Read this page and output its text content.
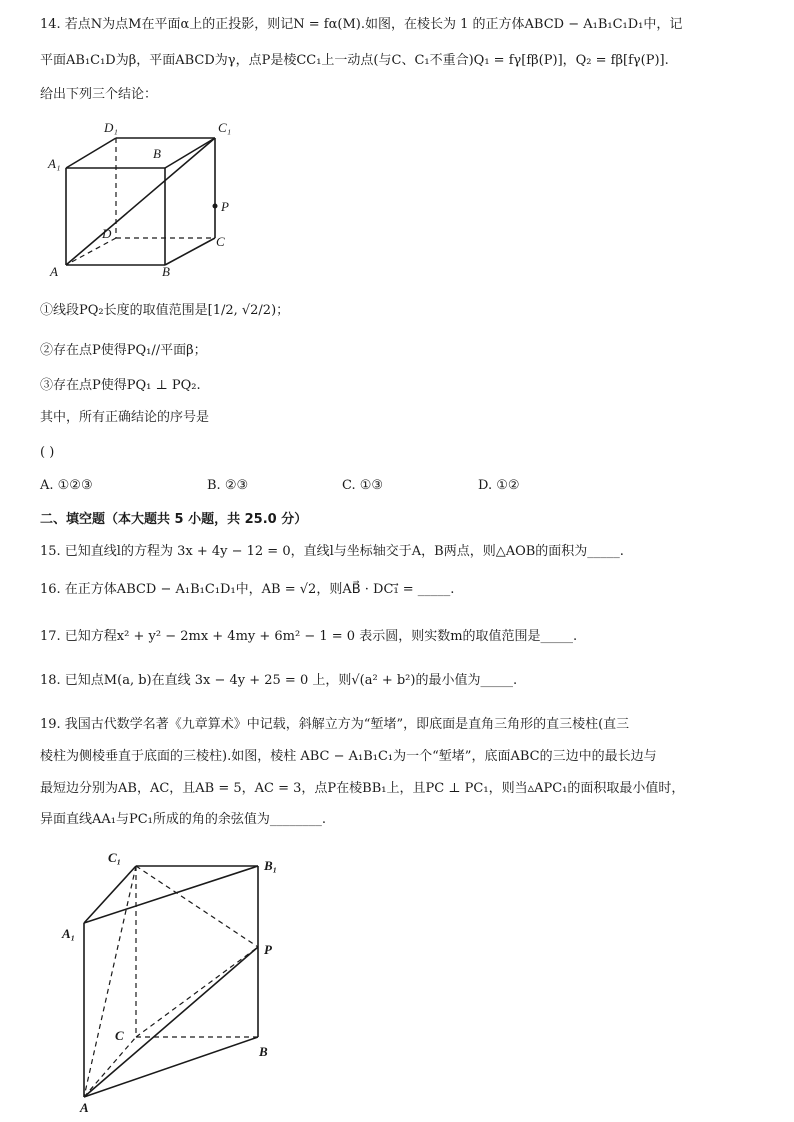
14. 若点N为点M在平面α上的正投影，则记N = fα(M).如图，在棱长为 1 的正方体ABCD − A₁B₁C₁D₁中，记
平面AB₁C₁D为β，平面ABCD为γ，点P是棱CC₁上一动点(与C、C₁不重合)Q₁ = fγ[fβ(P)]，Q₂ = fβ[fγ(P)].
给出下列三个结论：
D₁	C₁
A₁
B
P
D
C
A	B
①线段PQ₂长度的取值范围是[1/2, √2/2)；
②存在点P使得PQ₁//平面β；
③存在点P使得PQ₁ ⊥ PQ₂.
其中，所有正确结论的序号是
( )
A. ①②③	B. ②③	C. ①③	D. ①②
二、填空题（本大题共 5 小题，共 25.0 分）
15. 已知直线l的方程为 3x + 4y − 12 = 0，直线l与坐标轴交于A，B两点，则△AOB的面积为_____.
16. 在正方体ABCD − A₁B₁C₁D₁中，AB = √2，则AB⃗ · DC₁⃗ = _____.
17. 已知方程x² + y² − 2mx + 4my + 6m² − 1 = 0 表示圆，则实数m的取值范围是_____.
18. 已知点M(a, b)在直线 3x − 4y + 25 = 0 上，则√(a² + b²)的最小值为_____.
19. 我国古代数学名著《九章算术》中记载，斜解立方为“堑堵”，即底面是直角三角形的直三棱柱(直三
棱柱为侧棱垂直于底面的三棱柱).如图，棱柱 ABC − A₁B₁C₁为一个“堑堵”，底面ABC的三边中的最长边与
最短边分别为AB，AC，且AB = 5，AC = 3，点P在棱BB₁上，且PC ⊥ PC₁，则当▵APC₁的面积取最小值时，
异面直线AA₁与PC₁所成的角的余弦值为________.
C₁
B₁
A₁
P
C
B
A
